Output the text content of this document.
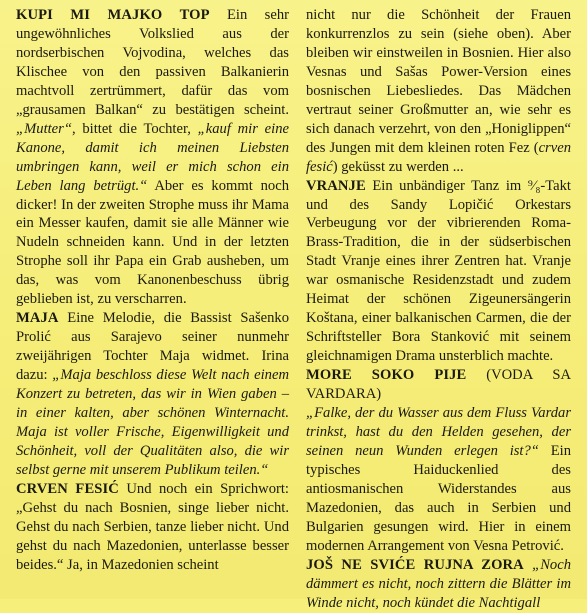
KUPI MI MAJKO TOP Ein sehr ungewöhnliches Volkslied aus der nordserbischen Vojvodina, welches das Klischee von den passiven Balkanierin machtvoll zertrümmert, dafür das vom „grausamen Balkan“ zu bestätigen scheint. „Mutter“, bittet die Tochter, „kauf mir eine Kanone, damit ich meinen Liebsten umbringen kann, weil er mich schon ein Leben lang betrügt.“ Aber es kommt noch dicker! In der zweiten Strophe muss ihr Mama ein Messer kaufen, damit sie alle Männer wie Nudeln schneiden kann. Und in der letzten Strophe soll ihr Papa ein Grab ausheben, um das, was vom Kanonenbeschuss übrig geblieben ist, zu verscharren.

MAJA Eine Melodie, die Bassist Sašenko Prolić aus Sarajevo seiner nunmehr zweijährigen Tochter Maja widmet. Irina dazu: „Maja beschloss diese Welt nach einem Konzert zu betreten, das wir in Wien gaben – in einer kalten, aber schönen Winternacht. Maja ist voller Frische, Eigenwilligkeit und Schönheit, voll der Qualitäten also, die wir selbst gerne mit unserem Publikum teilen.“

CRVEN FESIĆ Und noch ein Sprichwort: „Gehst du nach Bosnien, singe lieber nicht. Gehst du nach Serbien, tanze lieber nicht. Und gehst du nach Mazedonien, unterlasse besser beides.“ Ja, in Mazedonien scheint

nicht nur die Schönheit der Frauen konkurrenzlos zu sein (siehe oben). Aber bleiben wir einstweilen in Bosnien. Hier also Vesnas und Sašas Power-Version eines bosnischen Liebesliedes. Das Mädchen vertraut seiner Großmutter an, wie sehr es sich danach verzehrt, von den „Honiglippen“ des Jungen mit dem kleinen roten Fez (crven fesić) geküsst zu werden ...

VRANJE Ein unbändiger Tanz im ⁹⁄₈-Takt und des Sandy Lopičić Orkestars Verbeugung vor der vibrierenden Roma-Brass-Tradition, die in der südserbischen Stadt Vranje eines ihrer Zentren hat. Vranje war osmanische Residenzstadt und zudem Heimat der schönen Zigeunersängerin Koštana, einer balkanischen Carmen, die der Schriftsteller Bora Stanković mit seinem gleichnamigen Drama unsterblich machte.

MORE SOKO PIJE (VODA SA VARDARA)
„Falke, der du Wasser aus dem Fluss Vardar trinkst, hast du den Helden gesehen, der seinen neun Wunden erlegen ist?“ Ein typisches Haiduckenlied des antiosmanischen Widerstandes aus Mazedonien, das auch in Serbien und Bulgarien gesungen wird. Hier in einem modernen Arrangement von Vesna Petrović.

JOŠ NE SVIĆE RUJNA ZORA „Noch dämmert es nicht, noch zittern die Blätter im Winde nicht, noch kündet die Nachtigall
